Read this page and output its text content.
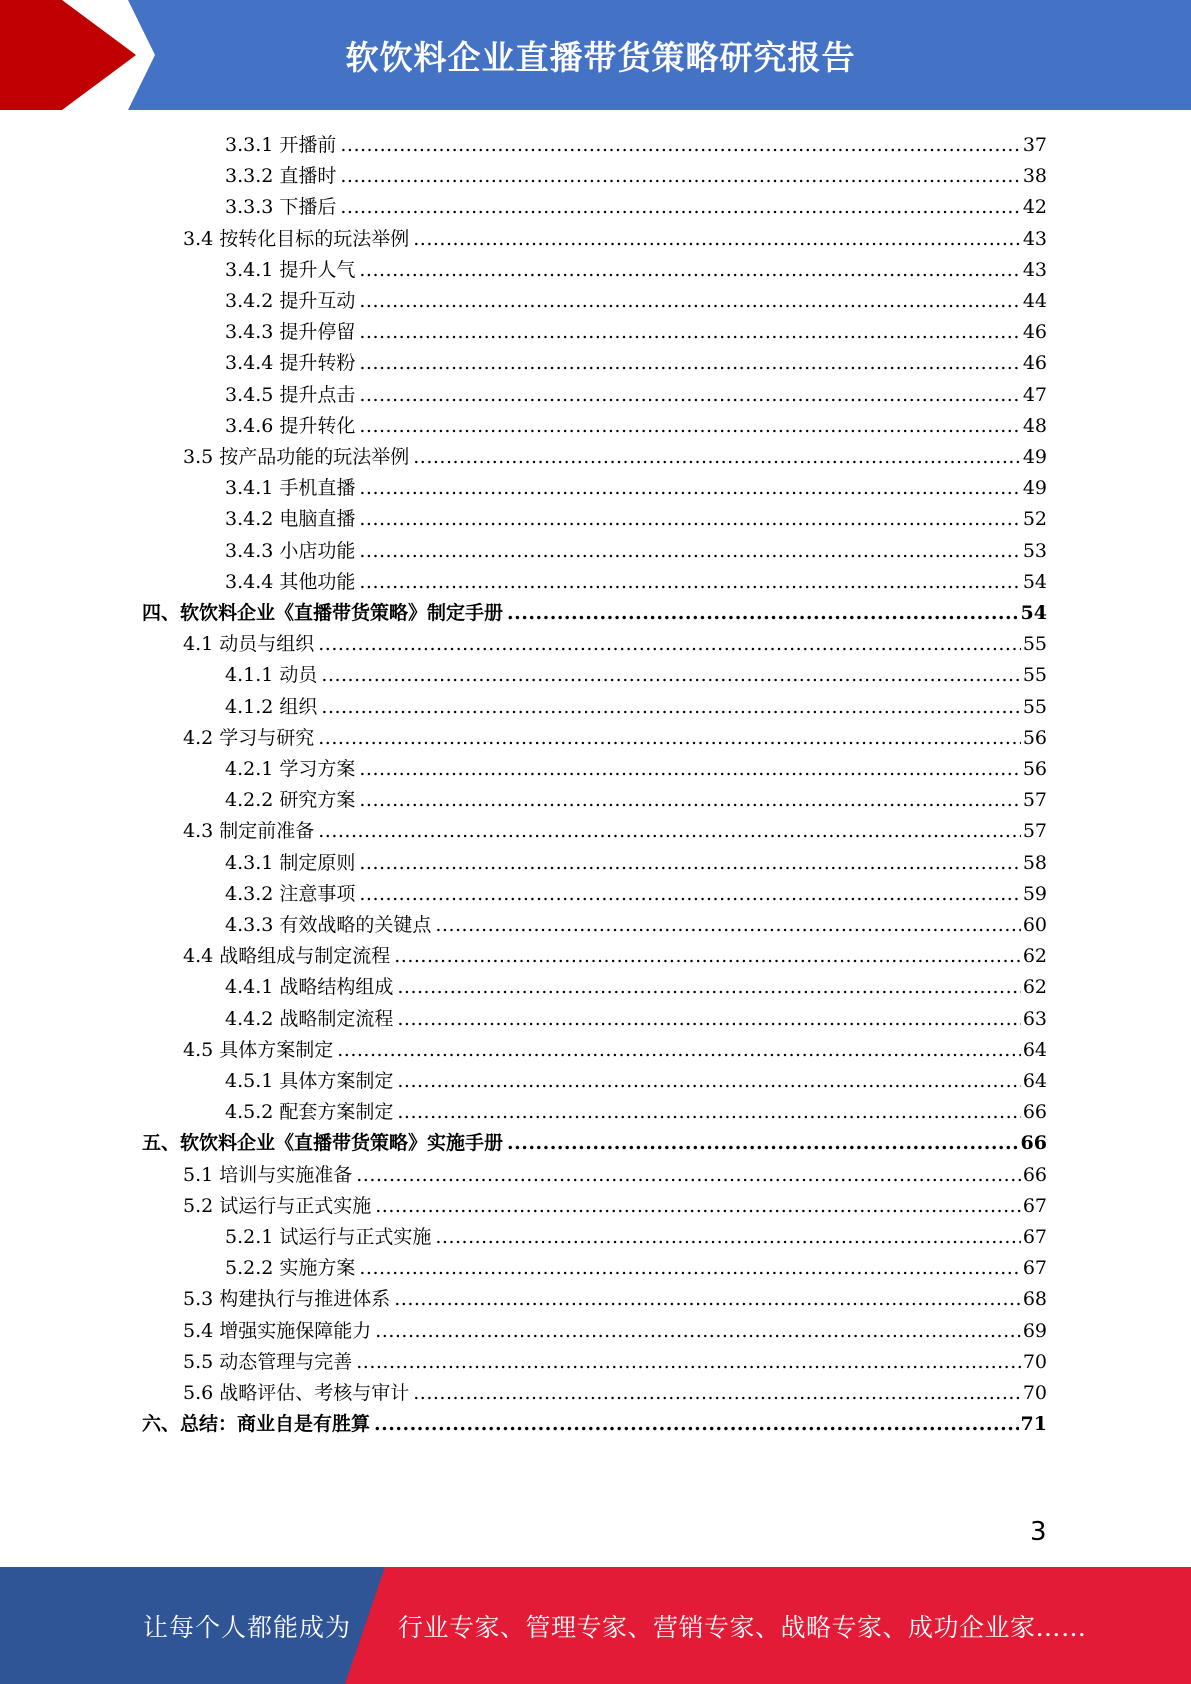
软饮料企业直播带货策略研究报告
3.3.1 开播前 .....	37
3.3.2 直播时 .....	38
3.3.3 下播后 .....	42
3.4 按转化目标的玩法举例 .....	43
3.4.1 提升人气 .....	43
3.4.2 提升互动 .....	44
3.4.3 提升停留 .....	46
3.4.4 提升转粉 .....	46
3.4.5 提升点击 .....	47
3.4.6 提升转化 .....	48
3.5 按产品功能的玩法举例 .....	49
3.4.1 手机直播 .....	49
3.4.2 电脑直播 .....	52
3.4.3 小店功能 .....	53
3.4.4 其他功能 .....	54
四、软饮料企业《直播带货策略》制定手册 .....	54
4.1 动员与组织 .....	55
4.1.1 动员 .....	55
4.1.2 组织 .....	55
4.2 学习与研究 .....	56
4.2.1 学习方案 .....	56
4.2.2 研究方案 .....	57
4.3 制定前准备 .....	57
4.3.1 制定原则 .....	58
4.3.2 注意事项 .....	59
4.3.3 有效战略的关键点 .....	60
4.4 战略组成与制定流程 .....	62
4.4.1 战略结构组成 .....	62
4.4.2 战略制定流程 .....	63
4.5 具体方案制定 .....	64
4.5.1 具体方案制定 .....	64
4.5.2 配套方案制定 .....	66
五、软饮料企业《直播带货策略》实施手册 .....	66
5.1 培训与实施准备 .....	66
5.2 试运行与正式实施 .....	67
5.2.1 试运行与正式实施 .....	67
5.2.2 实施方案 .....	67
5.3 构建执行与推进体系 .....	68
5.4 增强实施保障能力 .....	69
5.5 动态管理与完善 .....	70
5.6 战略评估、考核与审计 .....	70
六、总结：商业自是有胜算 .....	71
3
让每个人都能成为 行业专家、管理专家、营销专家、战略专家、成功企业家……
